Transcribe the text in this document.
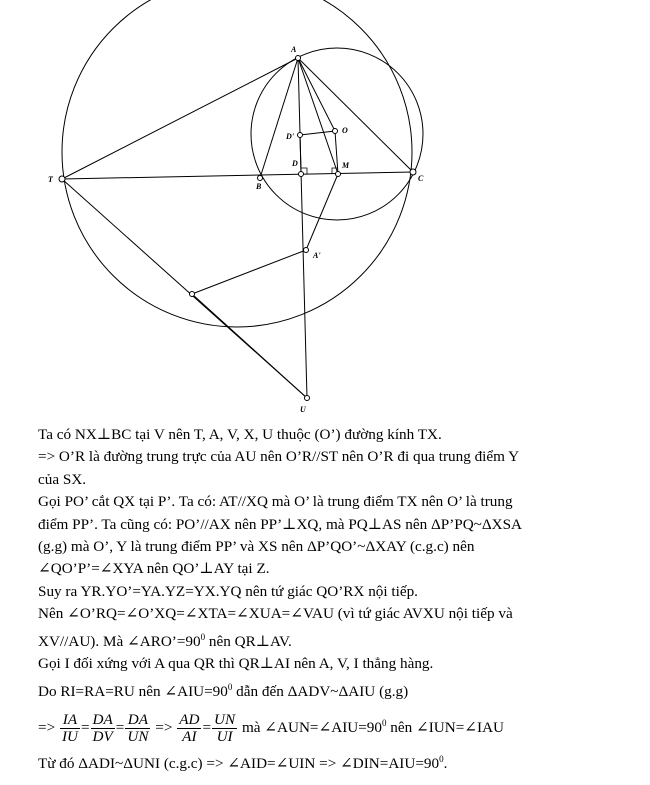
A
O
D'
D	M
T
B
C
A'
U

Ta có NX⊥BC tại V nên T, A, V, X, U thuộc (O’) đường kính TX.

=> O’R là đường trung trực của AU nên O’R//ST nên O’R đi qua trung điểm Y

của SX.

Gọi PO’ cắt QX tại P’. Ta có: AT//XQ mà O’ là trung điểm TX nên O’ là trung

điểm PP’. Ta cũng có: PO’//AX nên PP’⊥XQ, mà PQ⊥AS nên ΔP’PQ~ΔXSA

(g.g) mà O’, Y là trung điểm PP’ và XS nên ΔP’QO’~ΔXAY (c.g.c) nên

∠QO’P’=∠XYA nên QO’⊥AY tại Z.

Suy ra YR.YO’=YA.YZ=YX.YQ nên tứ giác QO’RX nội tiếp.

Nên ∠O’RQ=∠O’XQ=∠XTA=∠XUA=∠VAU (vì tứ giác AVXU nội tiếp và

XV//AU). Mà $\angle ARO’=90^0$ nên QR⊥AV.

Gọi I đối xứng với A qua QR thì QR⊥AI nên A, V, I thẳng hàng.

Do RI=RA=RU nên $\angle AIU=90^0$ dẫn đến ΔADV~ΔAIU (g.g)

=> $\frac{IA}{IU} = \frac{DA}{DV} = \frac{DA}{UN} => \frac{AD}{AI} = \frac{UN}{UI}$ mà $\angle AUN=\angle AIU=90^0$ nên ∠IUN=∠IAU

Từ đó ΔADI~ΔUNI (c.g.c) => ∠AID=∠UIN => $\angle DIN=AIU=90^0$.
